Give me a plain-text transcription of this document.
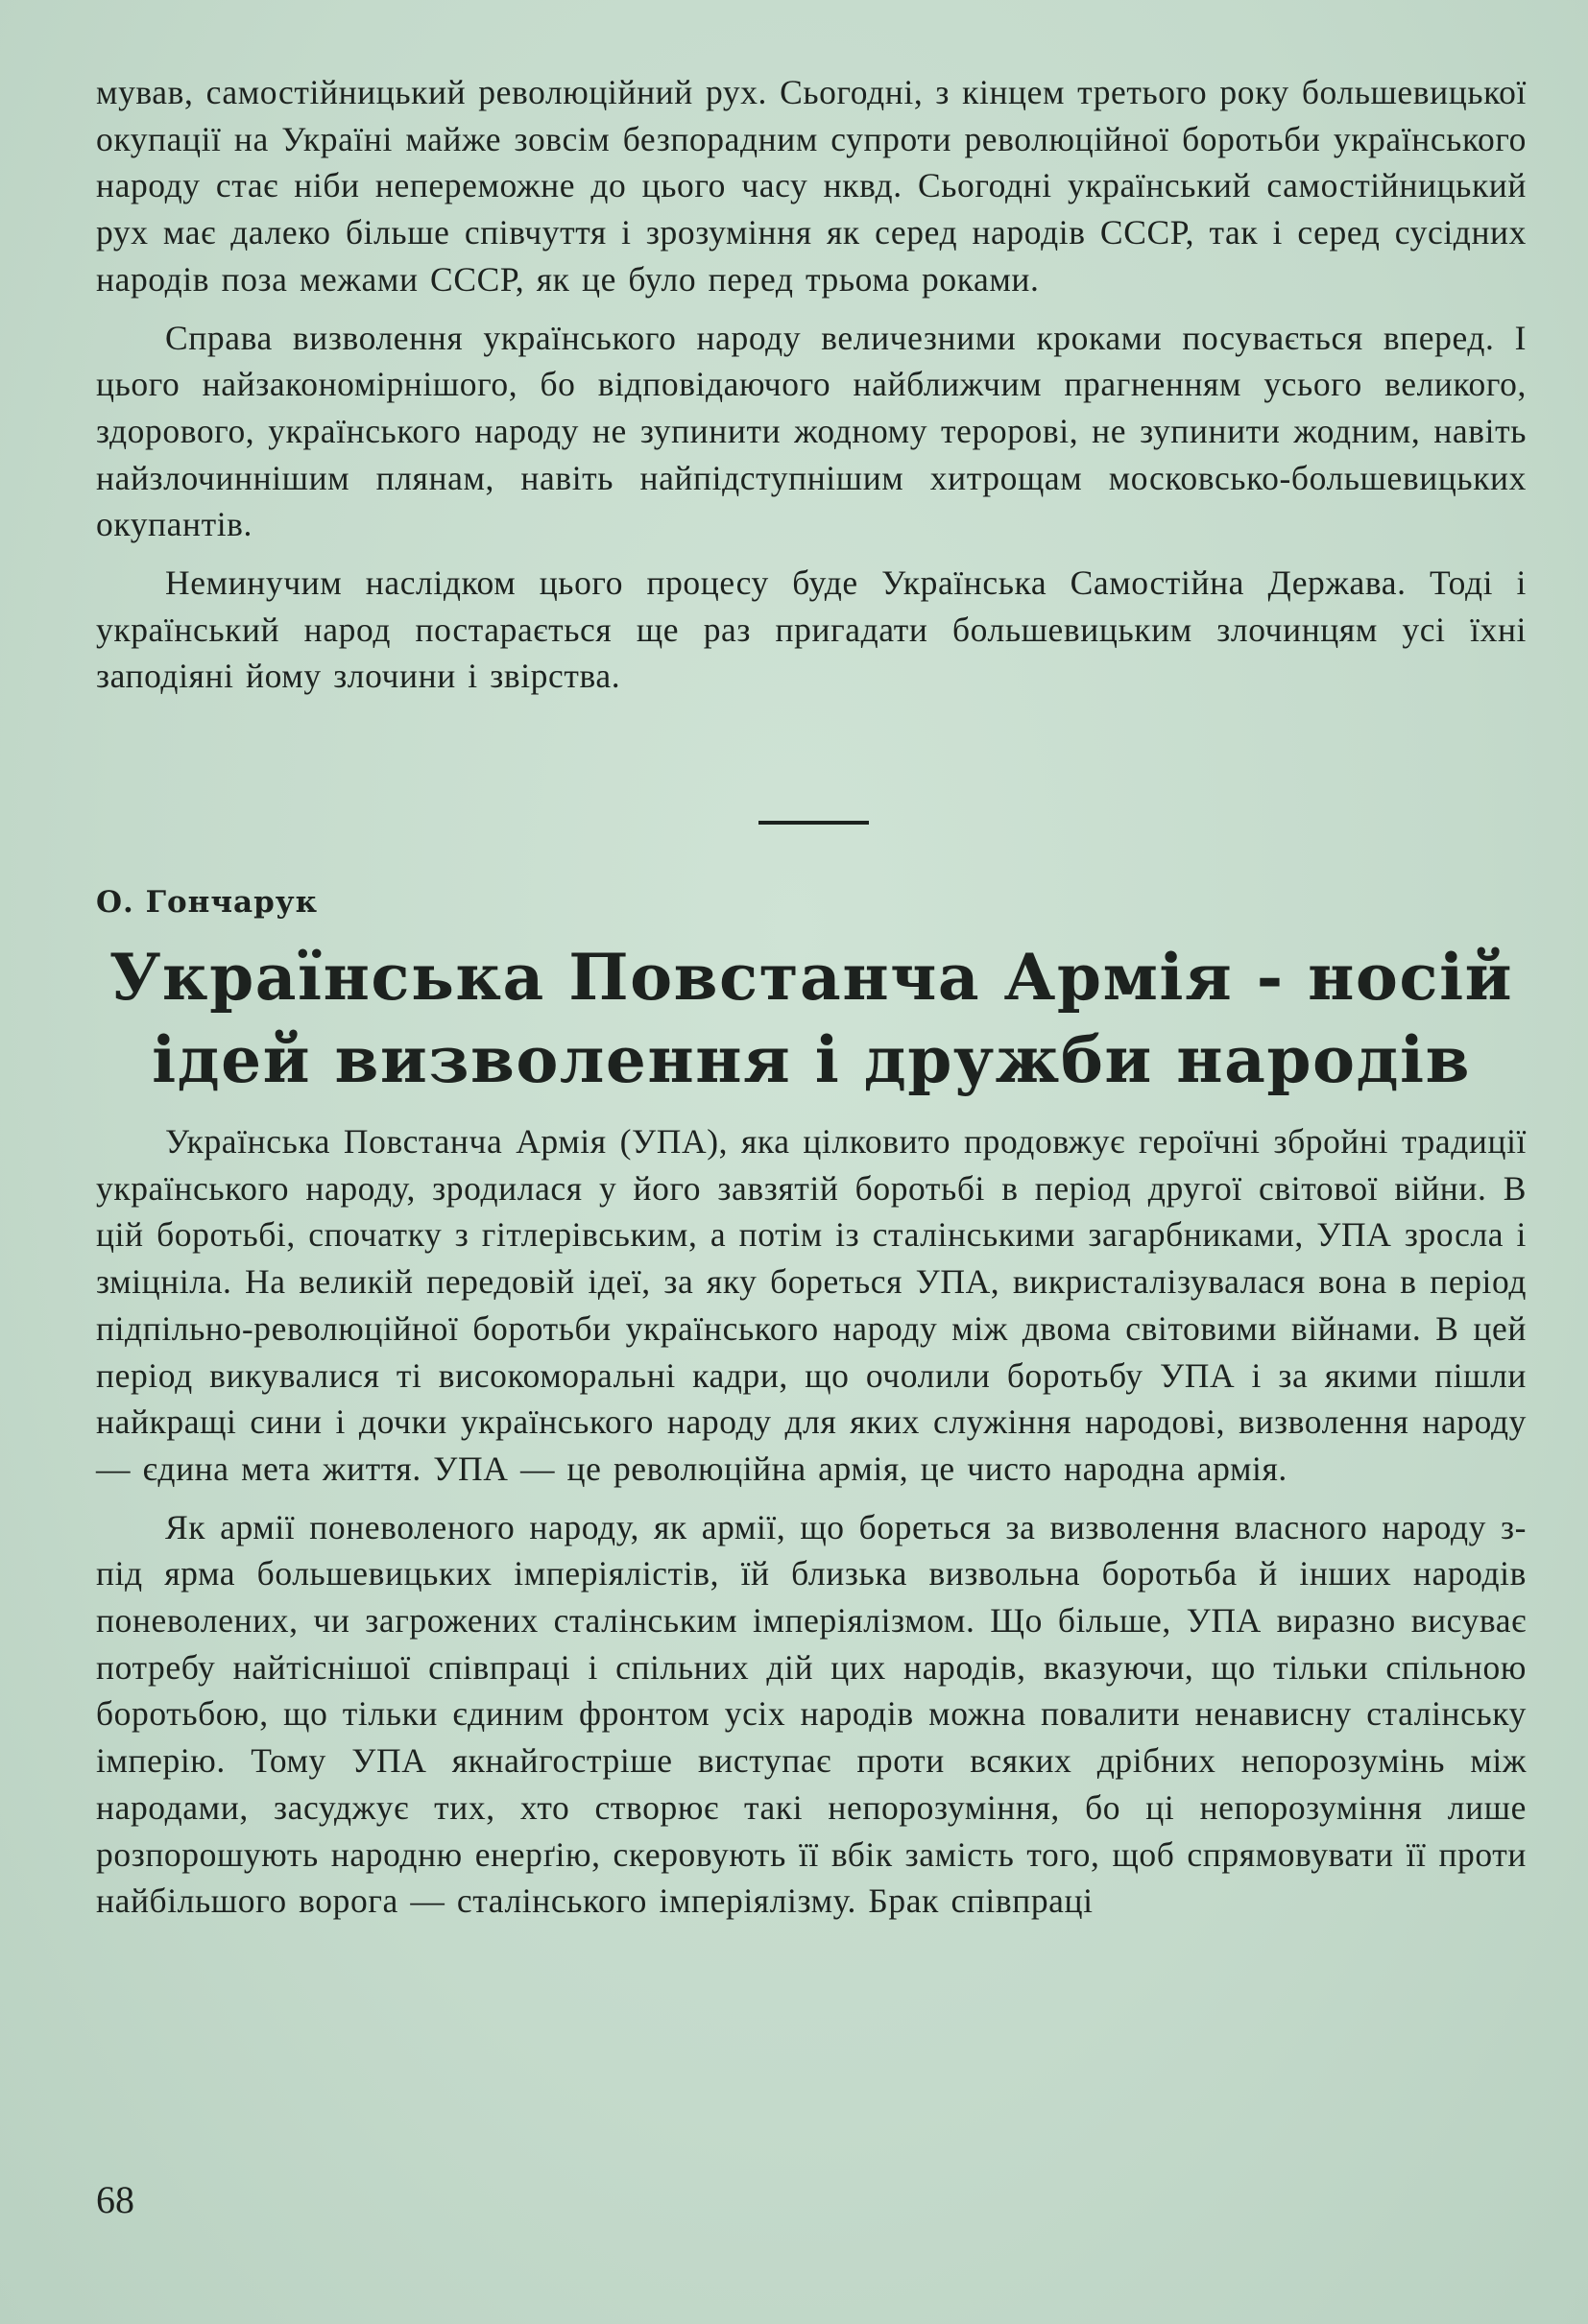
мував, самостійницький революційний рух. Сьогодні, з кінцем третього року большевицької окупації на Україні майже зовсім безпорадним супроти революційної боротьби українського народу стає ніби непереможне до цього часу нквд. Сьогодні український самостійницький рух має далеко більше співчуття і зрозуміння як серед народів СССР, так і серед сусідних народів поза межами СССР, як це було перед трьома роками.

Справа визволення українського народу величезними кроками посувається вперед. І цього найзакономірнішого, бо відповідаючого найближчим прагненням усього великого, здорового, українського народу не зупинити жодному теророві, не зупинити жодним, навіть найзлочиннішим плянам, навіть найпідступнішим хитрощам московсько-большевицьких окупантів.

Неминучим наслідком цього процесу буде Українська Самостійна Держава. Тоді і український народ постарається ще раз пригадати большевицьким злочинцям усі їхні заподіяні йому злочини і звірства.

О. Гончарук
Українська Повстанча Армія - носій
ідей визволення і дружби народів

Українська Повстанча Армія (УПА), яка цілковито продовжує героїчні збройні традиції українського народу, зродилася у його завзятій боротьбі в період другої світової війни. В цій боротьбі, спочатку з гітлерівським, а потім із сталінськими загарбниками, УПА зросла і зміцніла. На великій передовій ідеї, за яку бореться УПА, викристалізувалася вона в період підпільно-революційної боротьби українського народу між двома світовими війнами. В цей період викувалися ті високоморальні кадри, що очолили боротьбу УПА і за якими пішли найкращі сини і дочки українського народу для яких служіння народові, визволення народу — єдина мета життя. УПА — це революційна армія, це чисто народна армія.

Як армії поневоленого народу, як армії, що бореться за визволення власного народу з-під ярма большевицьких імперіялістів, їй близька визвольна боротьба й інших народів поневолених, чи загрожених сталінським імперіялізмом. Що більше, УПА виразно висуває потребу найтіснішої співпраці і спільних дій цих народів, вказуючи, що тільки спільною боротьбою, що тільки єдиним фронтом усіх народів можна повалити ненависну сталінську імперію. Тому УПА якнайгостріше виступає проти всяких дрібних непорозумінь між народами, засуджує тих, хто створює такі непорозуміння, бо ці непорозуміння лише розпорошують народню енерґію, скеровують її вбік замість того, щоб спрямовувати її проти найбільшого ворога — сталінського імперіялізму. Брак співпраці

68
